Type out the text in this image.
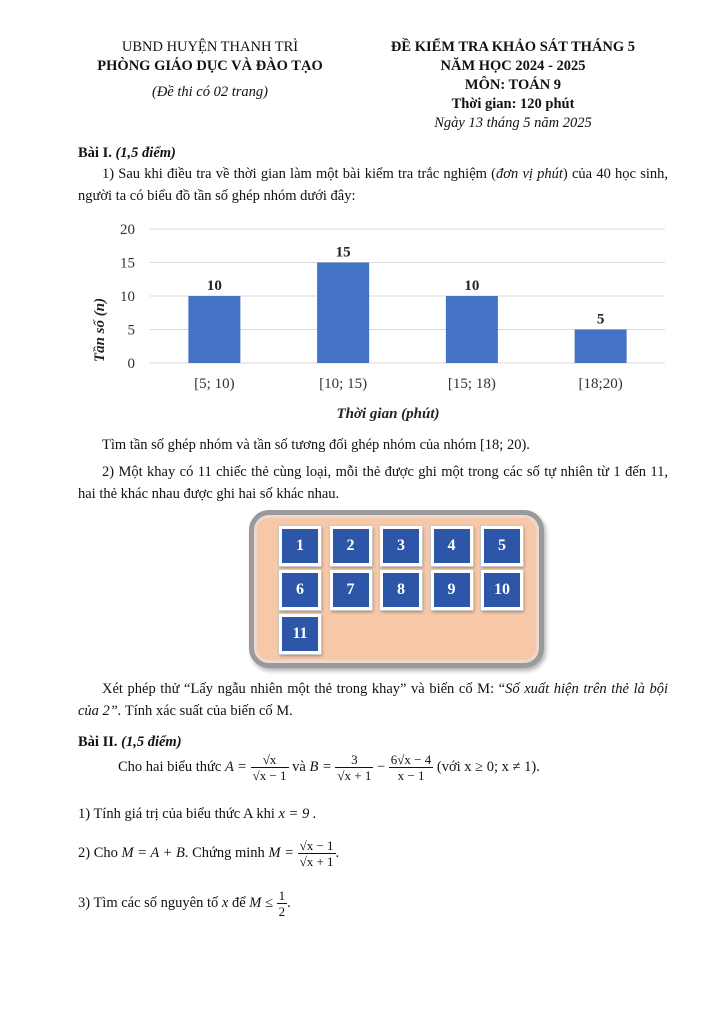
UBND HUYỆN THANH TRÌ
PHÒNG GIÁO DỤC VÀ ĐÀO TẠO
(Đề thi có 02 trang)
ĐỀ KIỂM TRA KHẢO SÁT THÁNG 5
NĂM HỌC 2024 - 2025
MÔN: TOÁN 9
Thời gian: 120 phút
Ngày 13 tháng 5 năm 2025
Bài I. (1,5 điểm)
1) Sau khi điều tra về thời gian làm một bài kiểm tra trắc nghiệm (đơn vị phút) của 40 học sinh, người ta có biểu đồ tần số ghép nhóm dưới đây:
0
5
10
15
20
10
15
10
5
[5; 10)	[10; 15)	[15; 18)	[18;20)
Tần số (n)
Thời gian (phút)
Tìm tần số ghép nhóm và tần số tương đối ghép nhóm của nhóm [18; 20).
2) Một khay có 11 chiếc thẻ cùng loại, mỗi thẻ được ghi một trong các số tự nhiên từ 1 đến 11, hai thẻ khác nhau được ghi hai số khác nhau.
1	2	3	4	5
6	7	8	9	10
11
Xét phép thử “Lấy ngẫu nhiên một thẻ trong khay” và biến cố M: “Số xuất hiện trên thẻ là bội của 2”. Tính xác suất của biến cố M.
Bài II. (1,5 điểm)
Cho hai biểu thức $A = \frac{√x}{√x - 1}$ và $B = \frac{3}{√x + 1} - \frac{6√x - 4}{x - 1}$ (với x ≥ 0; x ≠ 1).
1) Tính giá trị của biểu thức A khi x = 9 .
2) Cho M = A + B. Chứng minh $M = \frac{√x - 1}{√x + 1}$ .
3) Tìm các số nguyên tố x để $M \le \frac{1}{2}$ .
